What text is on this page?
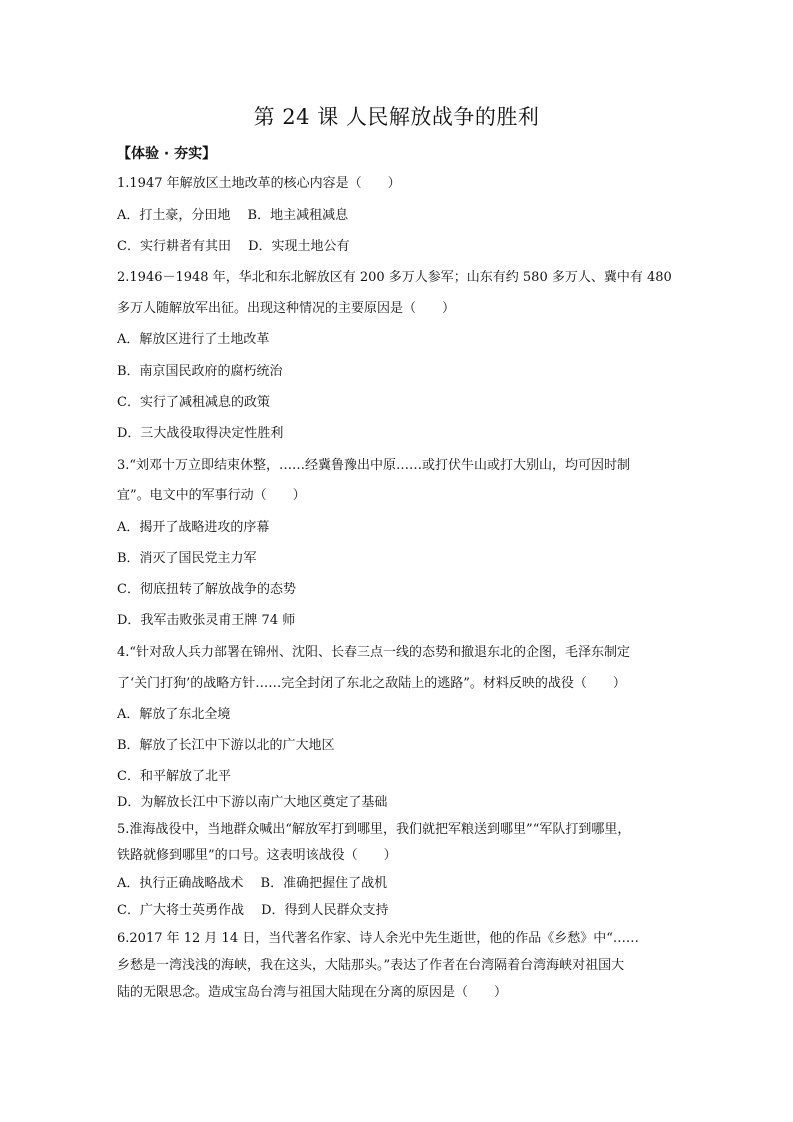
第 24 课 人民解放战争的胜利
【体验 · 夯实】
1.1947 年解放区土地改革的核心内容是（　　）
A．打土豪，分田地　 B．地主减租减息
C．实行耕者有其田　 D．实现土地公有
2.1946－1948 年，华北和东北解放区有 200 多万人参军；山东有约 580 多万人、冀中有 480
多万人随解放军出征。出现这种情况的主要原因是（　　）
A．解放区进行了土地改革
B．南京国民政府的腐朽统治
C．实行了减租减息的政策
D．三大战役取得决定性胜利
3.“刘邓十万立即结束休整，……经冀鲁豫出中原……或打伏牛山或打大别山，均可因时制
宜”。电文中的军事行动（　　）
A．揭开了战略进攻的序幕
B．消灭了国民党主力军
C．彻底扭转了解放战争的态势
D．我军击败张灵甫王牌 74 师
4.“针对敌人兵力部署在锦州、沈阳、长春三点一线的态势和撤退东北的企图，毛泽东制定
了‘关门打狗’的战略方针……完全封闭了东北之敌陆上的逃路”。材料反映的战役（　　）
A．解放了东北全境
B．解放了长江中下游以北的广大地区
C．和平解放了北平
D．为解放长江中下游以南广大地区奠定了基础
5.淮海战役中，当地群众喊出“解放军打到哪里，我们就把军粮送到哪里”“军队打到哪里，
铁路就修到哪里”的口号。这表明该战役（　　）
A．执行正确战略战术　 B．准确把握住了战机
C．广大将士英勇作战　 D．得到人民群众支持
6.2017 年 12 月 14 日，当代著名作家、诗人余光中先生逝世，他的作品《乡愁》中“……
乡愁是一湾浅浅的海峡，我在这头，大陆那头。”表达了作者在台湾隔着台湾海峡对祖国大
陆的无限思念。造成宝岛台湾与祖国大陆现在分离的原因是（　　）
